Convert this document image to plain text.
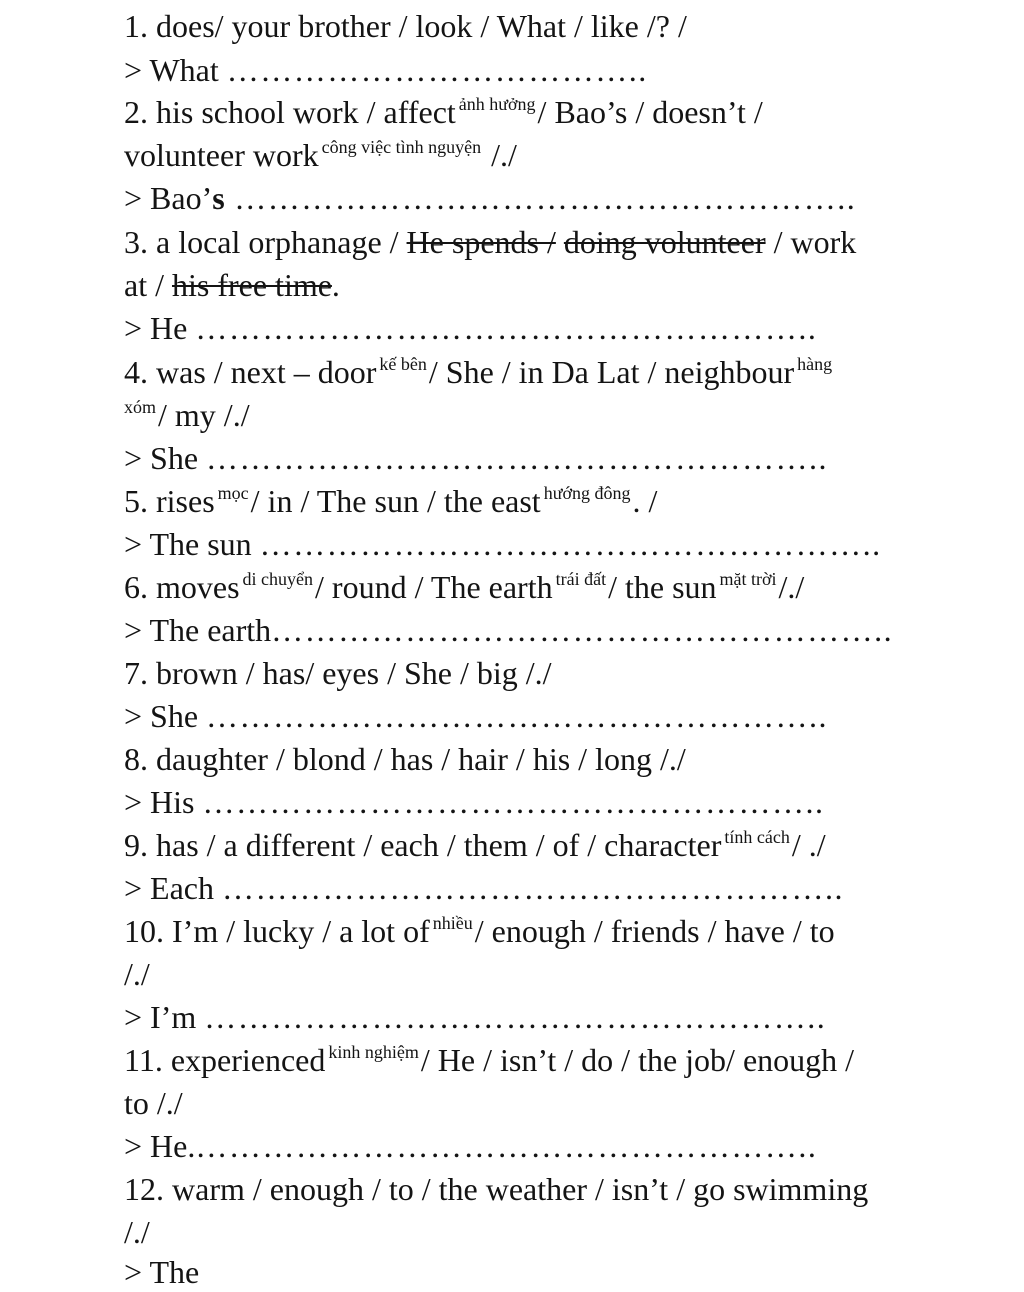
1. does/ your brother / look / What / like /? /
> What ………………………………..
2. his school work / affect $^{ảnh hưởng}$/ Bao’s / doesn’t /
volunteer work $^{công việc tình nguyện}$ /./
> Bao’s ………………………………………………..
3. a local orphanage / He spends / doing volunteer / work
at / his free time.
> He ………………………………………………..
4. was / next – door $^{kế bên}$/ She / in Da Lat / neighbour $^{hàng}$
$^{xóm}$/ my /./
> She ………………………………………………..
5. rises $^{mọc}$/ in / The sun / the east $^{hướng đông}$. /
> The sun ………………………………………………..
6. moves $^{di chuyển}$/ round / The earth $^{trái đất}$/ the sun $^{mặt trời}$/./
> The earth………………………………………………..
7. brown / has/ eyes / She / big /./
> She ………………………………………………..
8. daughter / blond / has / hair / his / long /./
> His ………………………………………………..
9. has / a different / each / them / of / character $^{tính cách}$/ ./
> Each ………………………………………………..
10. I’m / lucky / a lot of $^{nhiều}$/ enough / friends / have / to
/./
> I’m ………………………………………………..
11. experienced $^{kinh nghiệm}$/ He / isn’t / do / the job/ enough /
to /./
> He.………………………………………………..
12. warm / enough / to / the weather / isn’t / go swimming
/./
> The
